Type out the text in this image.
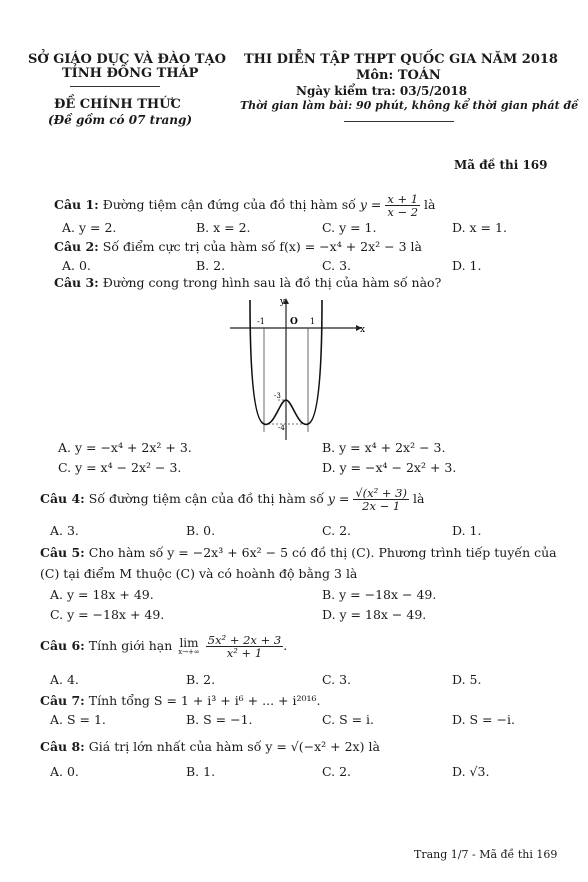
SỞ GIÁO DỤC VÀ ĐÀO TẠO
TỈNH ĐỒNG THÁP
ĐỀ CHÍNH THỨC
(Đề gồm có 07 trang)
THI DIỄN TẬP THPT QUỐC GIA NĂM 2018
Môn: TOÁN
Ngày kiểm tra: 03/5/2018
Thời gian làm bài: 90 phút, không kể thời gian phát đề
Mã đề thi 169
Câu 1: Đường tiệm cận đứng của đồ thị hàm số $y = \frac{x + 1}{x - 2}$ là
A. y = 2.	B. x = 2.	C. y = 1.	D. x = 1.
Câu 2: Số điểm cực trị của hàm số f(x) = −x⁴ + 2x² − 3 là
A. 0.	B. 2.	C. 3.	D. 1.
Câu 3: Đường cong trong hình sau là đồ thị của hàm số nào?
x
y
-1	O 1
-3
-4
A. y = −x⁴ + 2x² + 3.	B. y = x⁴ + 2x² − 3.
C. y = x⁴ − 2x² − 3.	D. y = −x⁴ − 2x² + 3.
Câu 4: Số đường tiệm cận của đồ thị hàm số $y = \frac{\text{√(x² + 3)}}{2x - 1}$ là
A. 3.	B. 0.	C. 2.	D. 1.
Câu 5: Cho hàm số y = −2x³ + 6x² − 5 có đồ thị (C). Phương trình tiếp tuyến của
(C) tại điểm M thuộc (C) và có hoành độ bằng 3 là
A. y = 18x + 49.	B. y = −18x − 49.
C. y = −18x + 49.	D. y = 18x − 49.
Câu 6: Tính giới hạn lim
x→+∞
$\frac{\text{5x² + 2x + 3}}{\text{x² + 1}}$ .
A. 4.	B. 2.	C. 3.	D. 5.
Câu 7: Tính tổng S = 1 + i³ + i⁶ + ... + i²⁰¹⁶.
A. S = 1.	B. S = −1.	C. S = i.	D. S = −i.
Câu 8: Giá trị lớn nhất của hàm số y = √(−x² + 2x) là
A. 0.	B. 1.	C. 2.	D. √3.
Trang 1/7 - Mã đề thi 169
